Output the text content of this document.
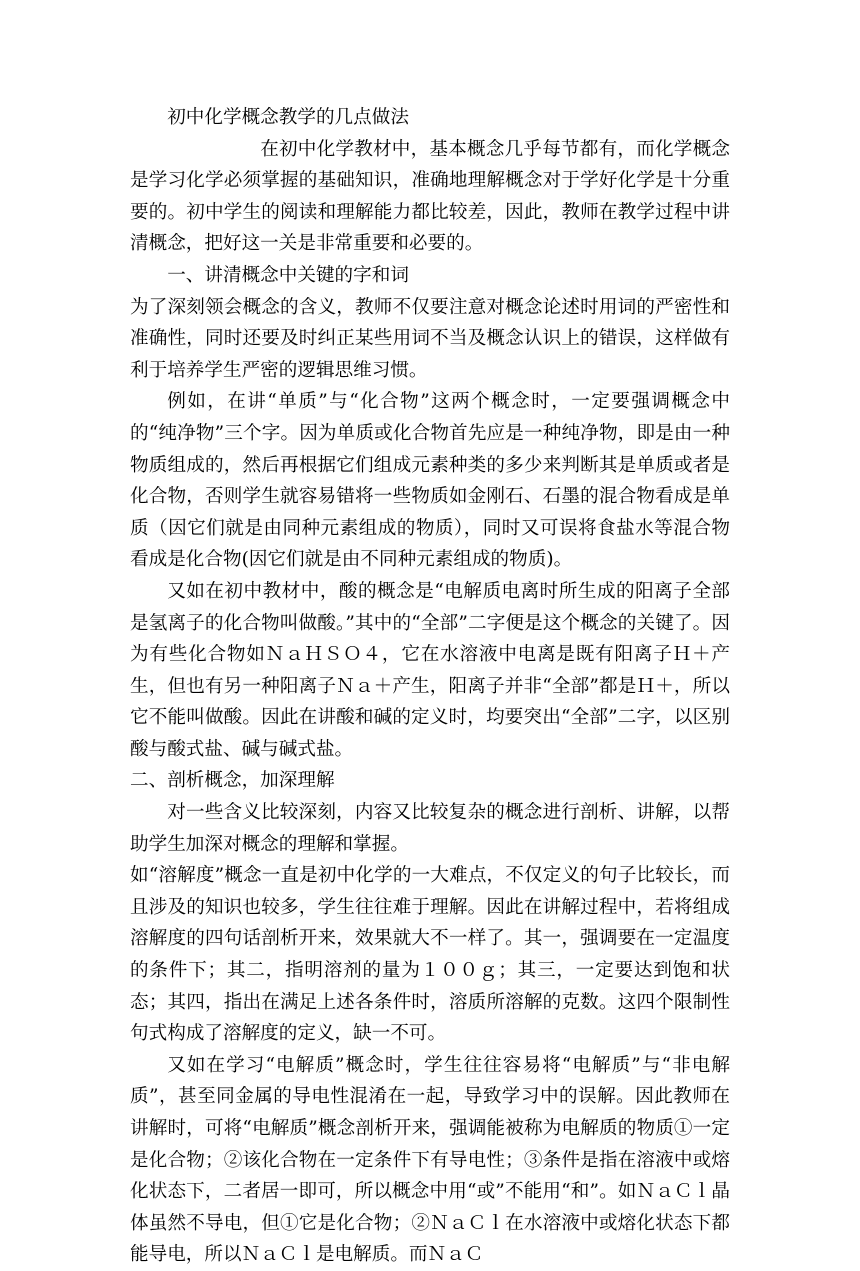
初中化学概念教学的几点做法

在初中化学教材中，基本概念几乎每节都有，而化学概念是学习化学必须掌握的基础知识，准确地理解概念对于学好化学是十分重要的。初中学生的阅读和理解能力都比较差，因此，教师在教学过程中讲清概念，把好这一关是非常重要和必要的。

一、讲清概念中关键的字和词

为了深刻领会概念的含义，教师不仅要注意对概念论述时用词的严密性和准确性，同时还要及时纠正某些用词不当及概念认识上的错误，这样做有利于培养学生严密的逻辑思维习惯。

例如，在讲“单质”与“化合物”这两个概念时，一定要强调概念中的“纯净物”三个字。因为单质或化合物首先应是一种纯净物，即是由一种物质组成的，然后再根据它们组成元素种类的多少来判断其是单质或者是化合物，否则学生就容易错将一些物质如金刚石、石墨的混合物看成是单质（因它们就是由同种元素组成的物质），同时又可误将食盐水等混合物看成是化合物(因它们就是由不同种元素组成的物质)。

又如在初中教材中，酸的概念是“电解质电离时所生成的阳离子全部是氢离子的化合物叫做酸。”其中的“全部”二字便是这个概念的关键了。因为有些化合物如ＮａＨＳＯ４，它在水溶液中电离是既有阳离子Ｈ＋产生，但也有另一种阳离子Ｎａ＋产生，阳离子并非“全部”都是Ｈ＋，所以它不能叫做酸。因此在讲酸和碱的定义时，均要突出“全部”二字，以区别酸与酸式盐、碱与碱式盐。

二、剖析概念，加深理解

对一些含义比较深刻，内容又比较复杂的概念进行剖析、讲解，以帮助学生加深对概念的理解和掌握。

如“溶解度”概念一直是初中化学的一大难点，不仅定义的句子比较长，而且涉及的知识也较多，学生往往难于理解。因此在讲解过程中，若将组成溶解度的四句话剖析开来，效果就大不一样了。其一，强调要在一定温度的条件下；其二，指明溶剂的量为１００ｇ；其三，一定要达到饱和状态；其四，指出在满足上述各条件时，溶质所溶解的克数。这四个限制性句式构成了溶解度的定义，缺一不可。

又如在学习“电解质”概念时，学生往往容易将“电解质”与“非电解质”，甚至同金属的导电性混淆在一起，导致学习中的误解。因此教师在讲解时，可将“电解质”概念剖析开来，强调能被称为电解质的物质①一定是化合物；②该化合物在一定条件下有导电性；③条件是指在溶液中或熔化状态下，二者居一即可，所以概念中用“或”不能用“和”。如ＮａＣｌ晶体虽然不导电，但①它是化合物；②ＮａＣｌ在水溶液中或熔化状态下都能导电，所以ＮａＣｌ是电解质。而ＮａＣ
